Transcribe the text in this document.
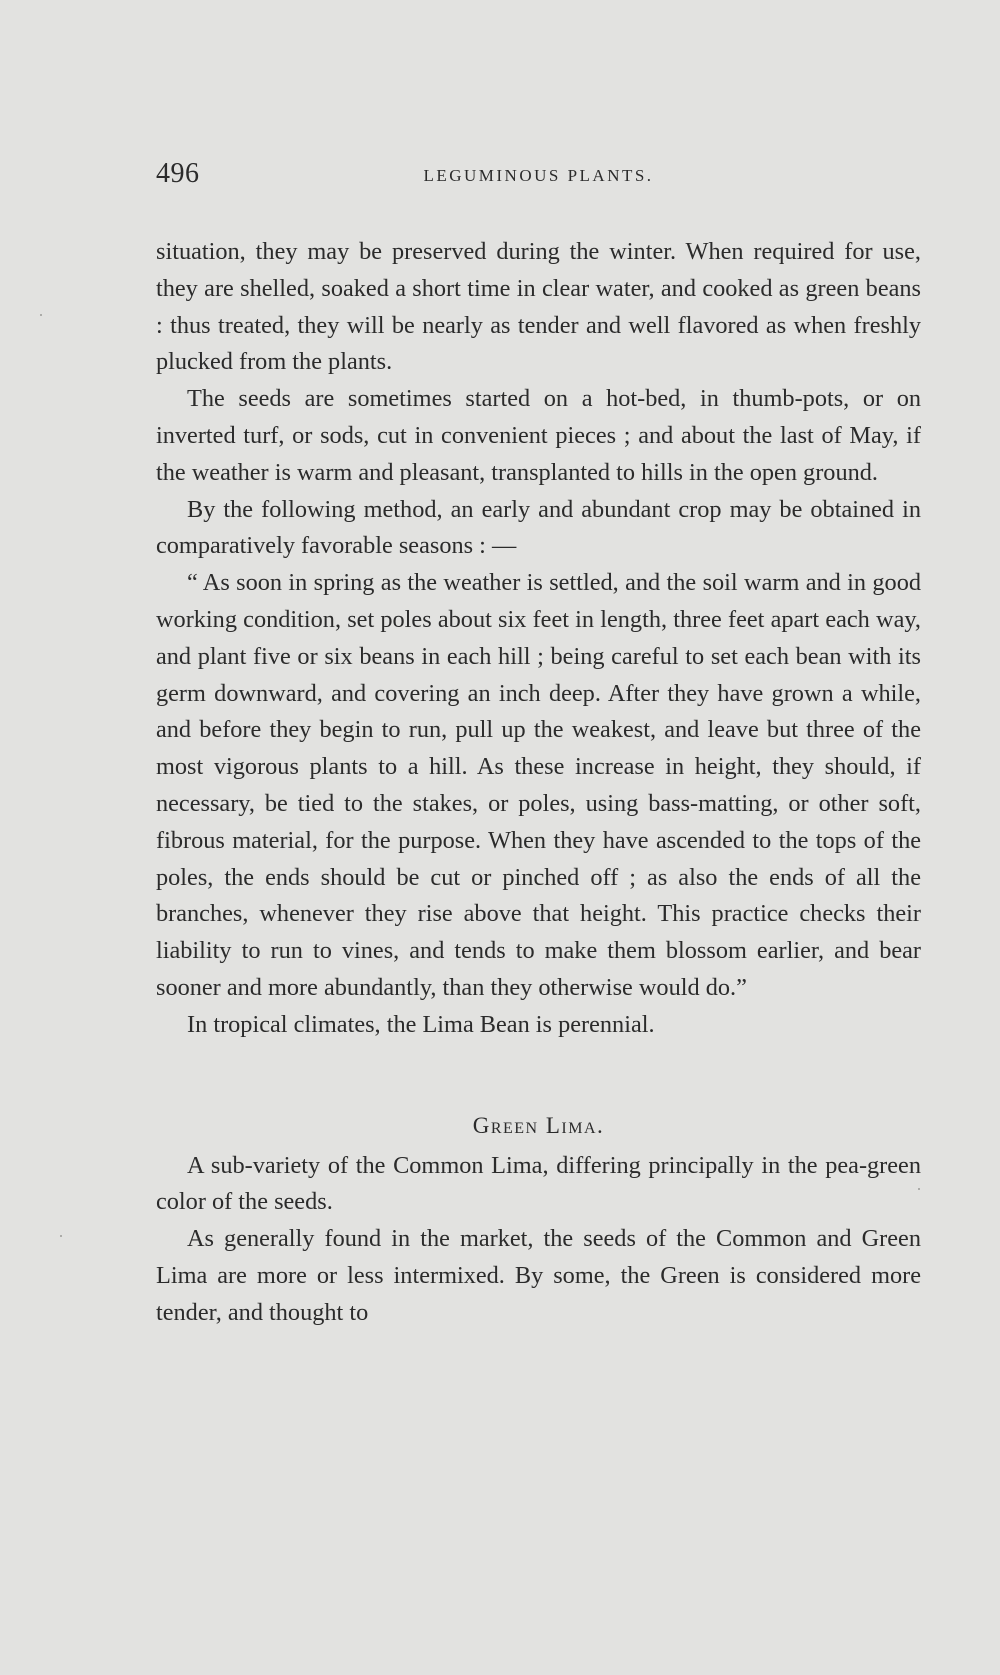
496	LEGUMINOUS PLANTS.

situation, they may be preserved during the winter. When required for use, they are shelled, soaked a short time in clear water, and cooked as green beans : thus treated, they will be nearly as tender and well flavored as when freshly plucked from the plants.

The seeds are sometimes started on a hot-bed, in thumb-pots, or on inverted turf, or sods, cut in convenient pieces ; and about the last of May, if the weather is warm and pleasant, transplanted to hills in the open ground.

By the following method, an early and abundant crop may be obtained in comparatively favorable seasons : —

“ As soon in spring as the weather is settled, and the soil warm and in good working condition, set poles about six feet in length, three feet apart each way, and plant five or six beans in each hill ; being careful to set each bean with its germ downward, and covering an inch deep. After they have grown a while, and before they begin to run, pull up the weakest, and leave but three of the most vigorous plants to a hill. As these increase in height, they should, if necessary, be tied to the stakes, or poles, using bass-matting, or other soft, fibrous material, for the purpose. When they have ascended to the tops of the poles, the ends should be cut or pinched off ; as also the ends of all the branches, whenever they rise above that height. This practice checks their liability to run to vines, and tends to make them blossom earlier, and bear sooner and more abundantly, than they otherwise would do.”

In tropical climates, the Lima Bean is perennial.

Green Lima.

A sub-variety of the Common Lima, differing principally in the pea-green color of the seeds.

As generally found in the market, the seeds of the Common and Green Lima are more or less intermixed. By some, the Green is considered more tender, and thought to
